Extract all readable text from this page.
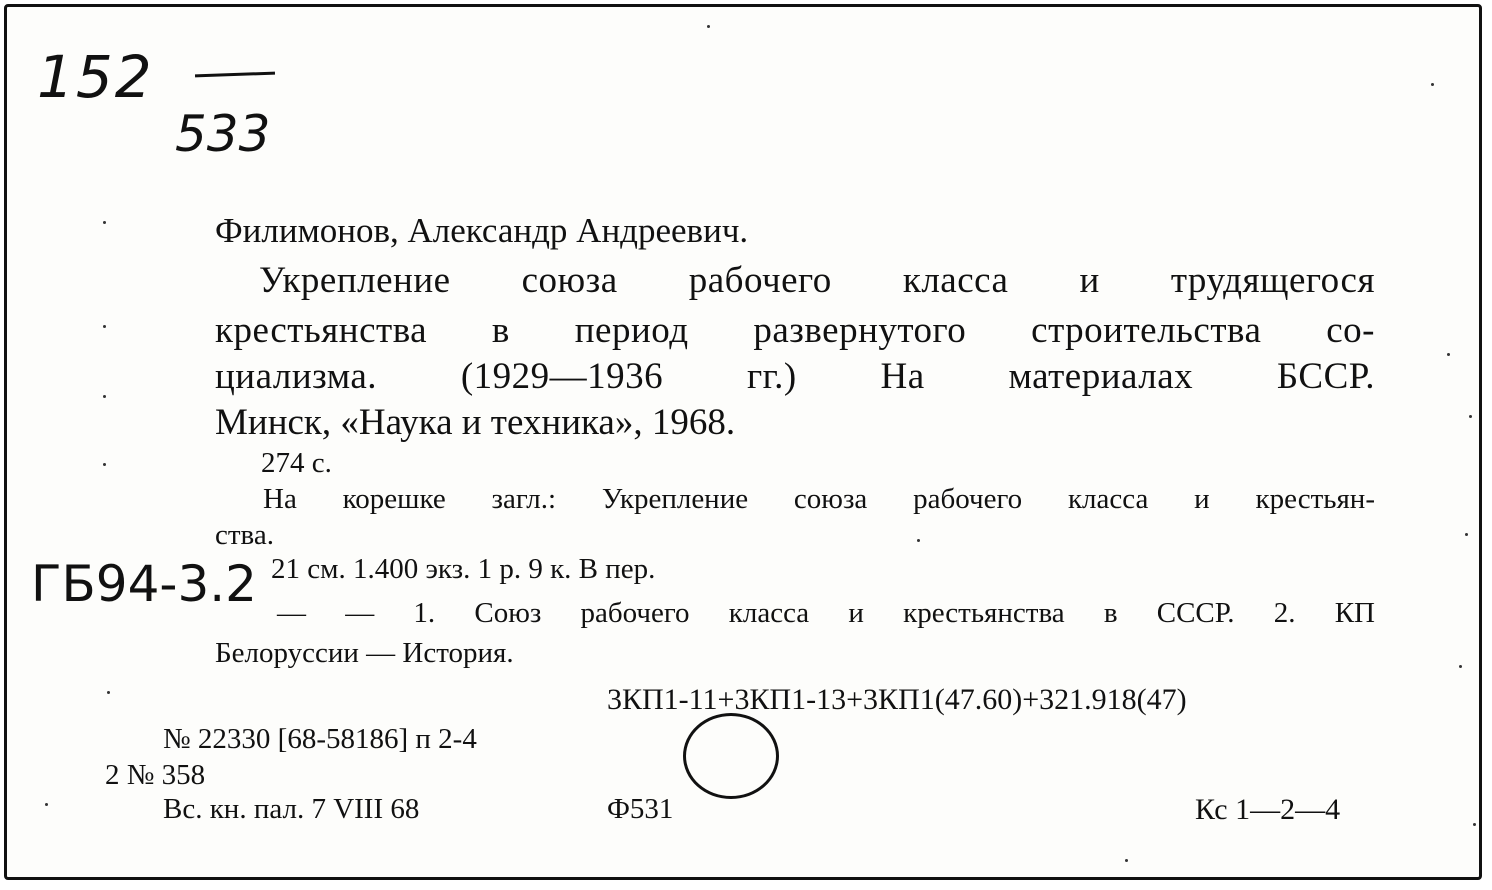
152
533
Филимонов, Александр Андреевич.
Укрепление союза рабочего класса и трудящегося
крестьянства в период развернутого строительства со-
циализма. (1929—1936 гг.) На материалах БССР.
Минск, «Наука и техника», 1968.
274 с.
На корешке загл.: Укрепление союза рабочего класса и крестьян-
ства.
ГБ94-3.2 21 см. 1.400 экз. 1 р. 9 к. В пер.
— — 1. Союз рабочего класса и крестьянства в СССР. 2. КП
Белоруссии — История.
3КП1-11+3КП1-13+3КП1(47.60)+321.918(47)
№ 22330 [68-58186] п 2-4
2 № 358
Вс. кн. пал. 7 VIII 68	Ф531	Кс 1—2—4
